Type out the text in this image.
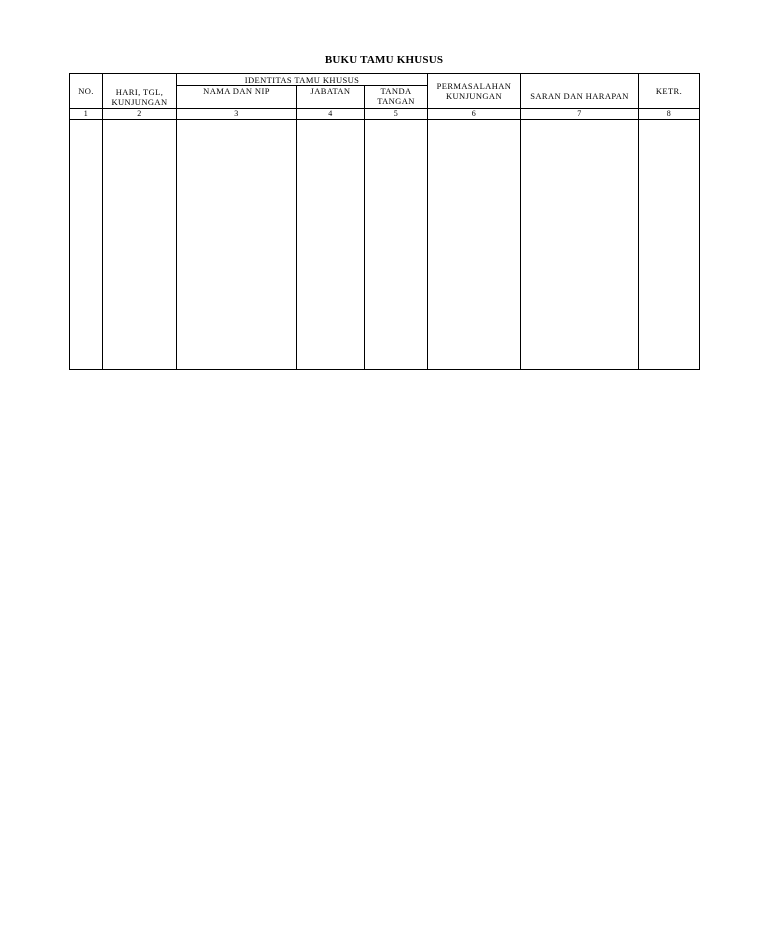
BUKU TAMU KHUSUS
NO.	HARI, TGL, KUNJUNGAN	IDENTITAS TAMU KHUSUS			PERMASALAHAN KUNJUNGAN	SARAN DAN HARAPAN	KETR.
		NAMA DAN NIP	JABATAN	TANDA TANGAN			
1	2	3	4	5	6	7	8
